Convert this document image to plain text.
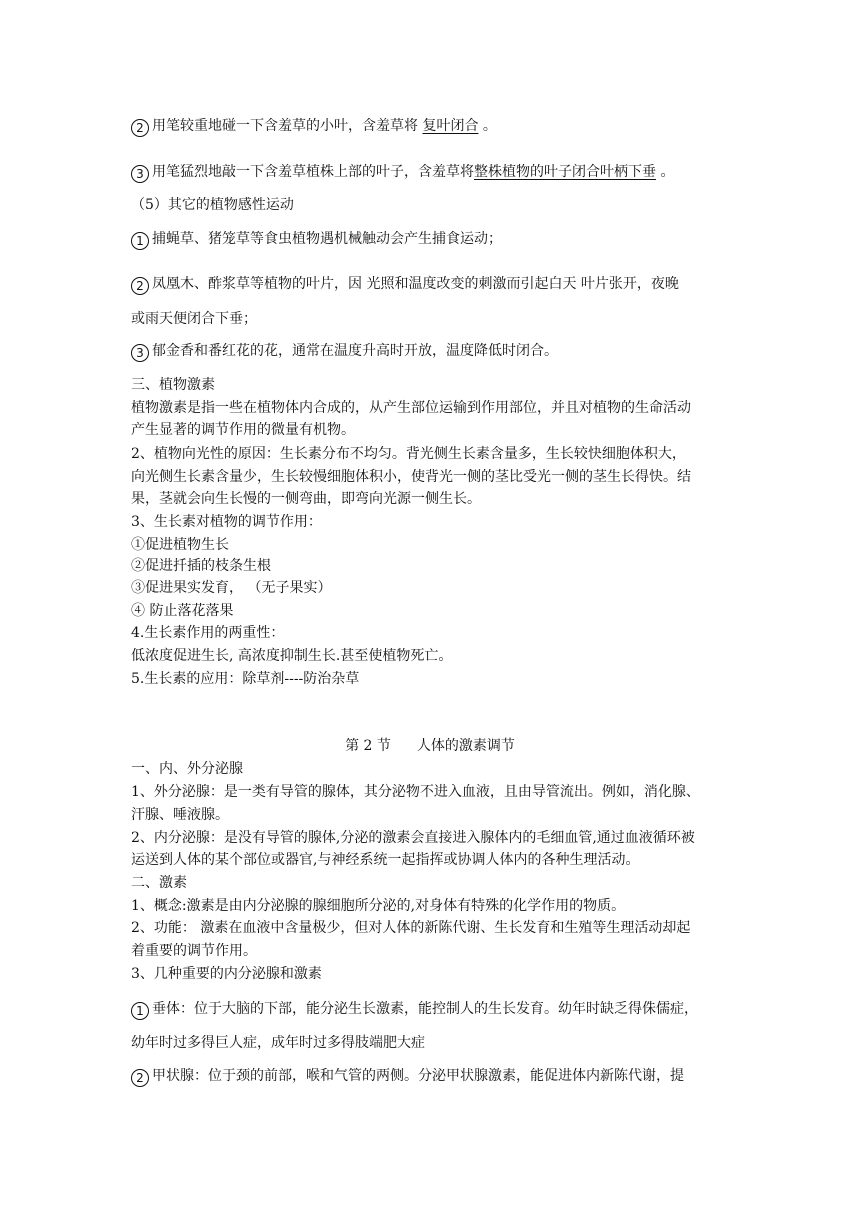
2 用笔较重地碰一下含羞草的小叶，含羞草将 复叶闭合 。
3 用笔猛烈地敲一下含羞草植株上部的叶子，含羞草将整株植物的叶子闭合叶柄下垂 。
（5）其它的植物感性运动
1 捕蝇草、猪笼草等食虫植物遇机械触动会产生捕食运动；
2 凤凰木、酢浆草等植物的叶片，因 光照和温度改变的刺激而引起白天 叶片张开，夜晚
或雨天便闭合下垂；
3 郁金香和番红花的花，通常在温度升高时开放，温度降低时闭合。
三、植物激素
植物激素是指一些在植物体内合成的，从产生部位运输到作用部位，并且对植物的生命活动
产生显著的调节作用的微量有机物。
2、植物向光性的原因：生长素分布不均匀。背光侧生长素含量多，生长较快细胞体积大，
向光侧生长素含量少，生长较慢细胞体积小，使背光一侧的茎比受光一侧的茎生长得快。结
果，茎就会向生长慢的一侧弯曲，即弯向光源一侧生长。
3、生长素对植物的调节作用：
①促进植物生长
②促进扦插的枝条生根
③促进果实发育， （无子果实）
④ 防止落花落果
4.生长素作用的两重性：
低浓度促进生长, 高浓度抑制生长.甚至使植物死亡。
5.生长素的应用：除草剂----防治杂草
第 2 节 人体的激素调节
一、内、外分泌腺
1、外分泌腺：是一类有导管的腺体，其分泌物不进入血液，且由导管流出。例如，消化腺、
汗腺、唾液腺。
2、内分泌腺：是没有导管的腺体,分泌的激素会直接进入腺体内的毛细血管,通过血液循环被
运送到人体的某个部位或器官,与神经系统一起指挥或协调人体内的各种生理活动。
二、激素
1、概念:激素是由内分泌腺的腺细胞所分泌的,对身体有特殊的化学作用的物质。
2、功能： 激素在血液中含量极少，但对人体的新陈代谢、生长发育和生殖等生理活动却起
着重要的调节作用。
3、几种重要的内分泌腺和激素
1 垂体：位于大脑的下部，能分泌生长激素，能控制人的生长发育。幼年时缺乏得侏儒症，
幼年时过多得巨人症，成年时过多得肢端肥大症
2 甲状腺：位于颈的前部，喉和气管的两侧。分泌甲状腺激素，能促进体内新陈代谢，提
